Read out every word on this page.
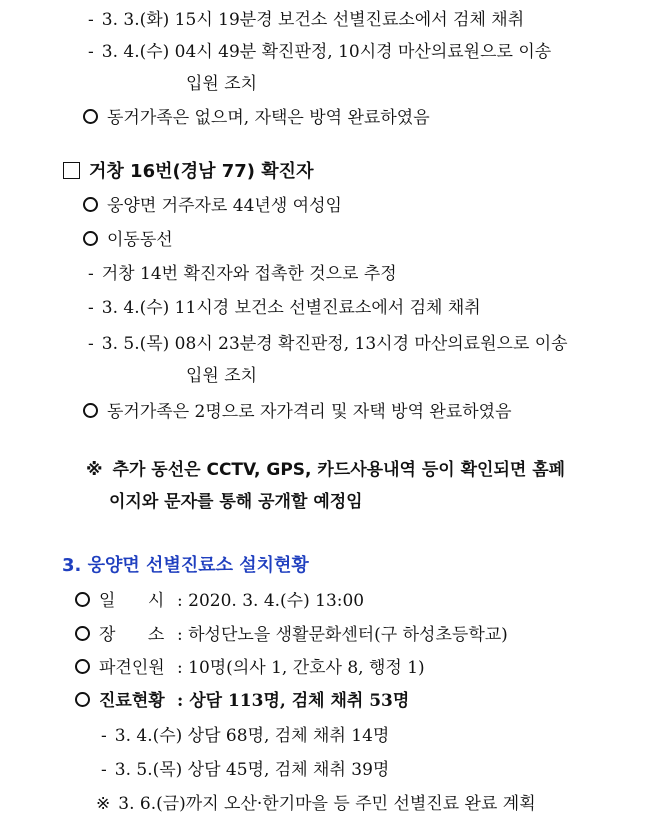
- 3. 3.(화) 15시 19분경 보건소 선별진료소에서 검체 채취
- 3. 4.(수) 04시 49분 확진판정, 10시경 마산의료원으로 이송
입원 조치
동거가족은 없으며, 자택은 방역 완료하였음
거창 16번(경남 77) 확진자
웅양면 거주자로 44년생 여성임
이동동선
- 거창 14번 확진자와 접촉한 것으로 추정
- 3. 4.(수) 11시경 보건소 선별진료소에서 검체 채취
- 3. 5.(목) 08시 23분경 확진판정, 13시경 마산의료원으로 이송
입원 조치
동거가족은 2명으로 자가격리 및 자택 방역 완료하였음
※ 추가 동선은 CCTV, GPS, 카드사용내역 등이 확인되면 홈페
이지와 문자를 통해 공개할 예정임
3. 웅양면 선별진료소 설치현황
일      시 : 2020. 3. 4.(수) 13:00
장      소 : 하성단노을 생활문화센터(구 하성초등학교)
파견인원 : 10명(의사 1, 간호사 8, 행정 1)
진료현황 : 상담 113명, 검체 채취 53명
- 3. 4.(수) 상담 68명, 검체 채취 14명
- 3. 5.(목) 상담 45명, 검체 채취 39명
※ 3. 6.(금)까지 오산·한기마을 등 주민 선별진료 완료 계획
